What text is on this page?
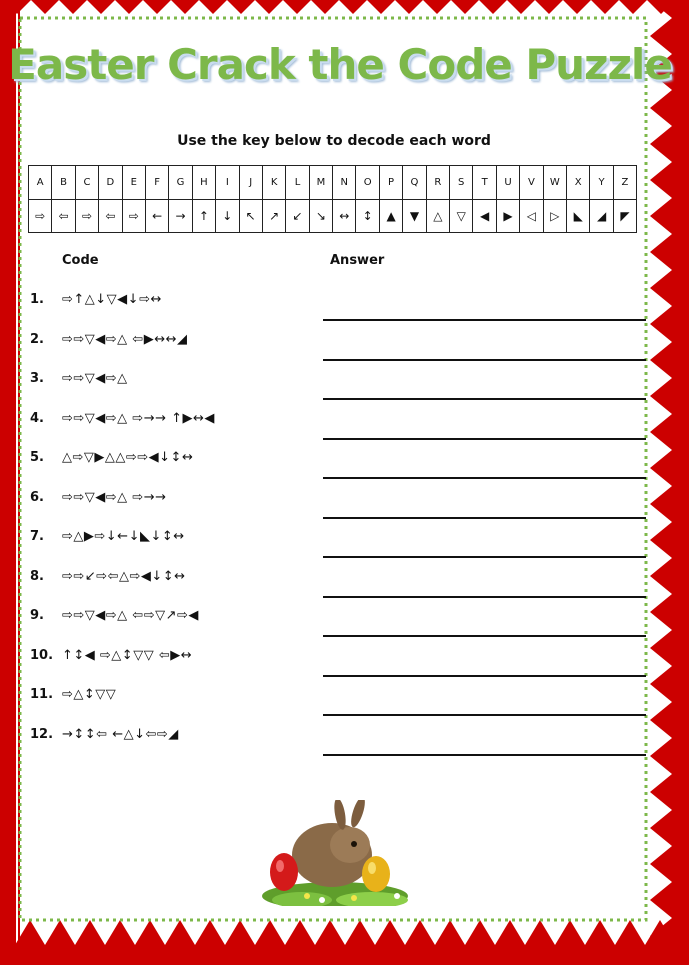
Easter Crack the Code Puzzle
Use the key below to decode each word
A	B	C	D	E	F	G	H	I	J	K	L	M	N	O	P	Q	R	S	T	U	V	W	X	Y	Z
⇨	⇦	⇨	⇦	⇨	←	→	↑	↓	↖	↗	↙	↘	↔	↕	▲	▼	△	▽	◀	▶	◁	▷	◣	◢	◤
Code	Answer
1.	⇨↑△↓▽◀↓⇨↔
2.	⇨⇨▽◀⇨△ ⇦▶↔↔◢
3.	⇨⇨▽◀⇨△
4.	⇨⇨▽◀⇨△ ⇨→→ ↑▶↔◀
5.	△⇨▽▶△△⇨⇨◀↓↕↔
6.	⇨⇨▽◀⇨△ ⇨→→
7.	⇨△▶⇨↓←↓◣↓↕↔
8.	⇨⇨↙⇨⇦△⇨◀↓↕↔
9.	⇨⇨▽◀⇨△ ⇦⇨▽↗⇨◀
10. ↑↕◀ ⇨△↕▽▽ ⇦▶↔
11. ⇨△↕▽▽
12. →↕↕⇦ ←△↓⇦⇨◢
